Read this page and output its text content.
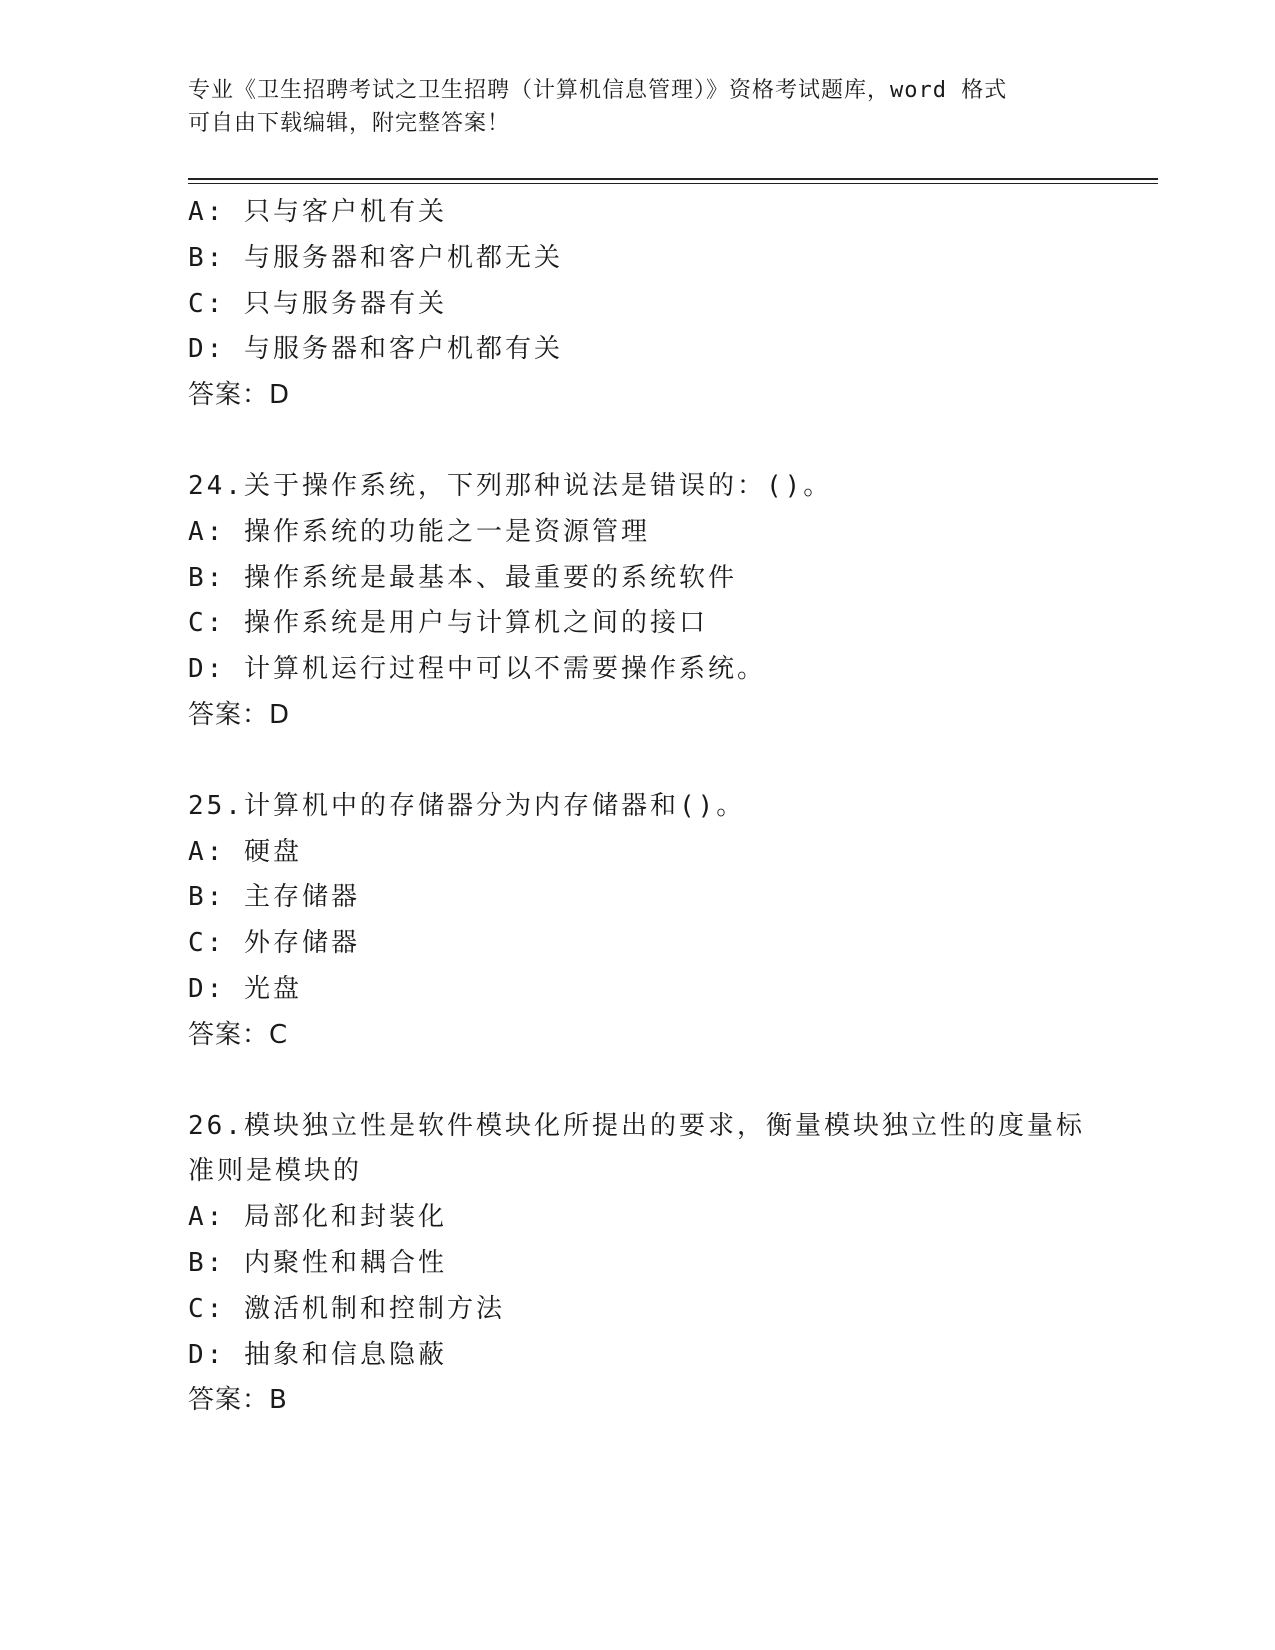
专业《卫生招聘考试之卫生招聘（计算机信息管理）》资格考试题库，word 格式
可自由下载编辑，附完整答案！
A: 只与客户机有关
B: 与服务器和客户机都无关
C: 只与服务器有关
D: 与服务器和客户机都有关
答案：D
24.关于操作系统，下列那种说法是错误的：()。
A: 操作系统的功能之一是资源管理
B: 操作系统是最基本、最重要的系统软件
C: 操作系统是用户与计算机之间的接口
D: 计算机运行过程中可以不需要操作系统。
答案：D
25.计算机中的存储器分为内存储器和()。
A: 硬盘
B: 主存储器
C: 外存储器
D: 光盘
答案：C
26.模块独立性是软件模块化所提出的要求，衡量模块独立性的度量标
准则是模块的
A: 局部化和封装化
B: 内聚性和耦合性
C: 激活机制和控制方法
D: 抽象和信息隐蔽
答案：B
